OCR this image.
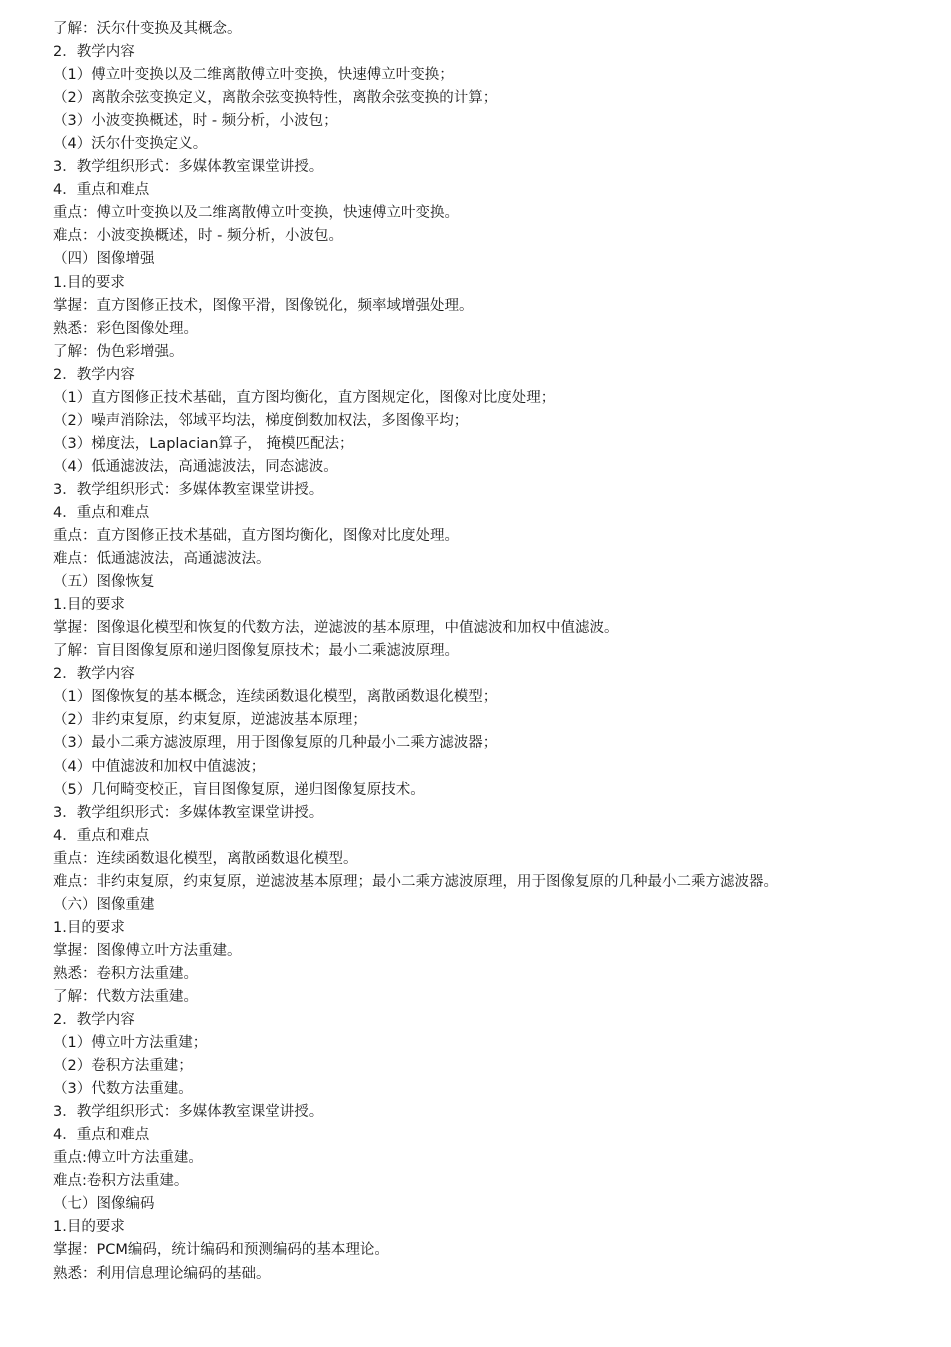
了解：沃尔什变换及其概念。

2．教学内容

（1）傅立叶变换以及二维离散傅立叶变换，快速傅立叶变换；

（2）离散余弦变换定义，离散余弦变换特性，离散余弦变换的计算；

（3）小波变换概述，时 - 频分析，小波包；

（4）沃尔什变换定义。

3．教学组织形式：多媒体教室课堂讲授。

4．重点和难点

重点：傅立叶变换以及二维离散傅立叶变换，快速傅立叶变换。

难点：小波变换概述，时 - 频分析，小波包。

（四）图像增强

1.目的要求

掌握：直方图修正技术，图像平滑，图像锐化，频率域增强处理。

熟悉：彩色图像处理。

了解：伪色彩增强。

2．教学内容

（1）直方图修正技术基础，直方图均衡化，直方图规定化，图像对比度处理；

（2）噪声消除法，邻域平均法，梯度倒数加权法，多图像平均；

（3）梯度法，Laplacian算子， 掩模匹配法；

（4）低通滤波法，高通滤波法，同态滤波。

3．教学组织形式：多媒体教室课堂讲授。

4．重点和难点

重点：直方图修正技术基础，直方图均衡化，图像对比度处理。

难点：低通滤波法，高通滤波法。

（五）图像恢复

1.目的要求

掌握：图像退化模型和恢复的代数方法，逆滤波的基本原理，中值滤波和加权中值滤波。

了解：盲目图像复原和递归图像复原技术；最小二乘滤波原理。

2．教学内容

（1）图像恢复的基本概念，连续函数退化模型，离散函数退化模型；

（2）非约束复原，约束复原，逆滤波基本原理；

（3）最小二乘方滤波原理，用于图像复原的几种最小二乘方滤波器；

（4）中值滤波和加权中值滤波；

（5）几何畸变校正，盲目图像复原，递归图像复原技术。

3．教学组织形式：多媒体教室课堂讲授。

4．重点和难点

重点：连续函数退化模型，离散函数退化模型。

难点：非约束复原，约束复原，逆滤波基本原理；最小二乘方滤波原理，用于图像复原的几种最小二乘方滤波器。

（六）图像重建

1.目的要求

掌握：图像傅立叶方法重建。

熟悉：卷积方法重建。

了解：代数方法重建。

2．教学内容

（1）傅立叶方法重建；

（2）卷积方法重建；

（3）代数方法重建。

3．教学组织形式：多媒体教室课堂讲授。

4．重点和难点

重点:傅立叶方法重建。

难点:卷积方法重建。

（七）图像编码

1.目的要求

掌握：PCM编码，统计编码和预测编码的基本理论。

熟悉：利用信息理论编码的基础。
